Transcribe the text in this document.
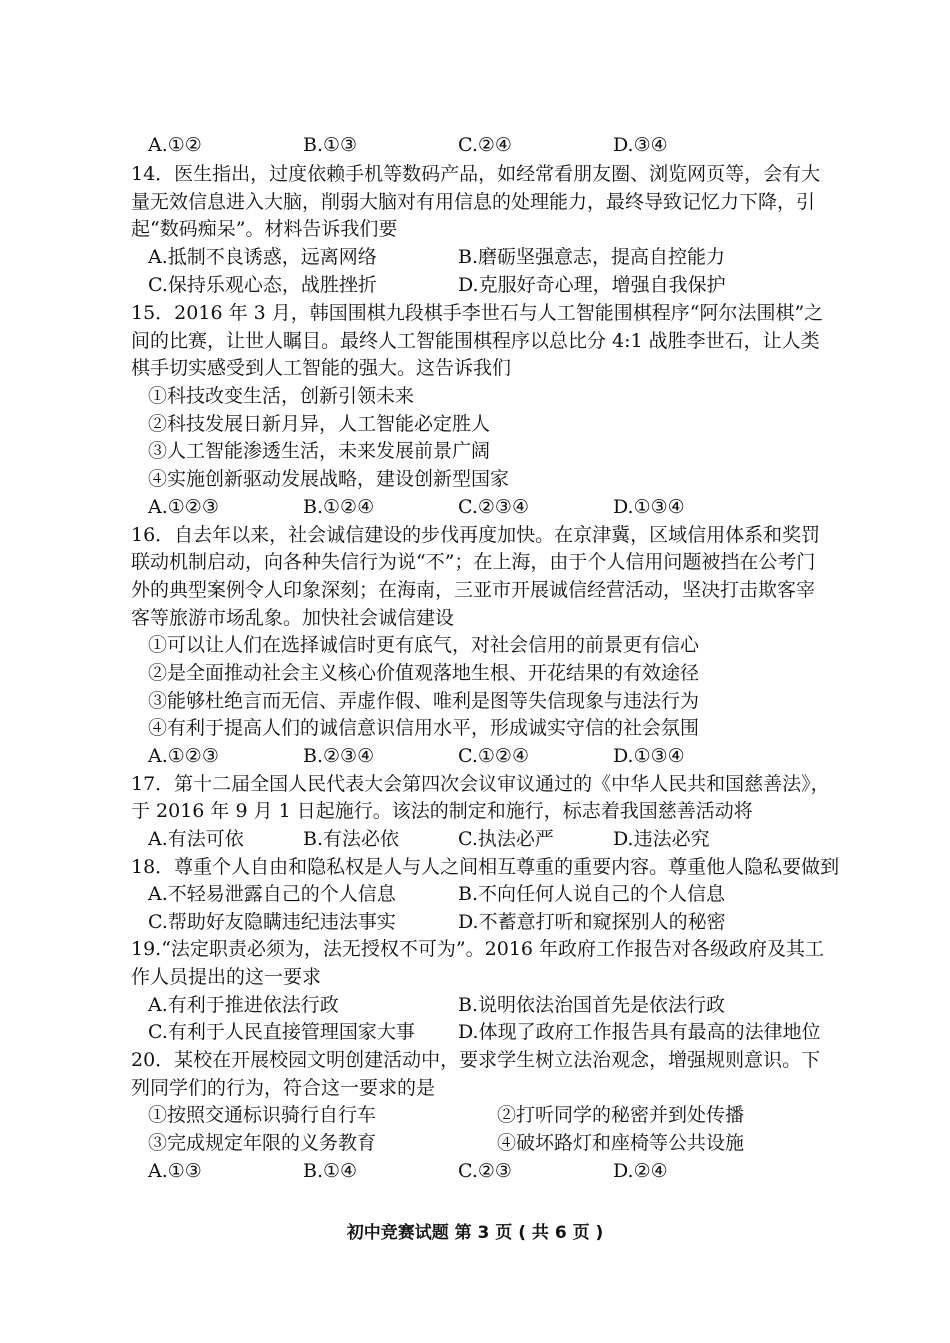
A.①②	B.①③	C.②④	D.③④
14．医生指出，过度依赖手机等数码产品，如经常看朋友圈、浏览网页等，会有大
量无效信息进入大脑，削弱大脑对有用信息的处理能力，最终导致记忆力下降，引
起“数码痴呆”。材料告诉我们要
A.抵制不良诱惑，远离网络	B.磨砺坚强意志，提高自控能力
C.保持乐观心态，战胜挫折	D.克服好奇心理，增强自我保护
15．2016 年 3 月，韩国围棋九段棋手李世石与人工智能围棋程序“阿尔法围棋”之
间的比赛，让世人瞩目。最终人工智能围棋程序以总比分 4:1 战胜李世石，让人类
棋手切实感受到人工智能的强大。这告诉我们
①科技改变生活，创新引领未来
②科技发展日新月异，人工智能必定胜人
③人工智能渗透生活，未来发展前景广阔
④实施创新驱动发展战略，建设创新型国家
A.①②③	B.①②④	C.②③④	D.①③④
16．自去年以来，社会诚信建设的步伐再度加快。在京津冀，区域信用体系和奖罚
联动机制启动，向各种失信行为说“不”；在上海，由于个人信用问题被挡在公考门
外的典型案例令人印象深刻；在海南，三亚市开展诚信经营活动，坚决打击欺客宰
客等旅游市场乱象。加快社会诚信建设
①可以让人们在选择诚信时更有底气，对社会信用的前景更有信心
②是全面推动社会主义核心价值观落地生根、开花结果的有效途径
③能够杜绝言而无信、弄虚作假、唯利是图等失信现象与违法行为
④有利于提高人们的诚信意识信用水平，形成诚实守信的社会氛围
A.①②③	B.②③④	C.①②④	D.①③④
17．第十二届全国人民代表大会第四次会议审议通过的《中华人民共和国慈善法》，
于 2016 年 9 月 1 日起施行。该法的制定和施行，标志着我国慈善活动将
A.有法可依	B.有法必依	C.执法必严	D.违法必究
18．尊重个人自由和隐私权是人与人之间相互尊重的重要内容。尊重他人隐私要做到
A.不轻易泄露自己的个人信息	B.不向任何人说自己的个人信息
C.帮助好友隐瞒违纪违法事实	D.不蓄意打听和窥探别人的秘密
19.“法定职责必须为，法无授权不可为”。2016 年政府工作报告对各级政府及其工
作人员提出的这一要求
A.有利于推进依法行政	B.说明依法治国首先是依法行政
C.有利于人民直接管理国家大事 D.体现了政府工作报告具有最高的法律地位
20．某校在开展校园文明创建活动中，要求学生树立法治观念，增强规则意识。下
列同学们的行为，符合这一要求的是
①按照交通标识骑行自行车	②打听同学的秘密并到处传播
③完成规定年限的义务教育	④破坏路灯和座椅等公共设施
A.①③	B.①④	C.②③	D.②④
初中竞赛试题 第 3 页 ( 共 6 页 )
